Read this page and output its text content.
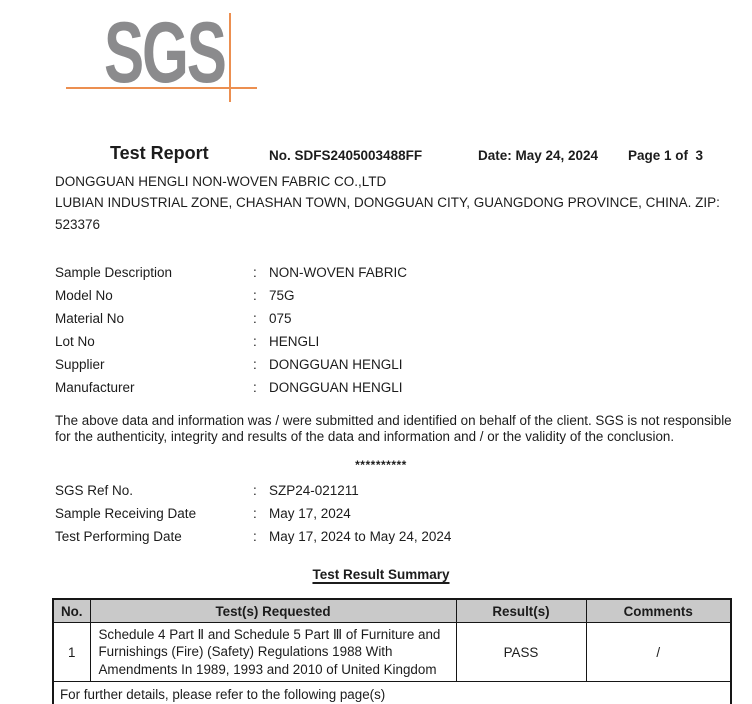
SGS
Test Report	No. SDFS2405003488FF	Date: May 24, 2024 Page 1 of  3
DONGGUAN HENGLI NON-WOVEN FABRIC CO.,LTD
LUBIAN INDUSTRIAL ZONE, CHASHAN TOWN, DONGGUAN CITY, GUANGDONG PROVINCE, CHINA. ZIP:
523376
Sample Description	: NON-WOVEN FABRIC
Model No	: 75G
Material No	: 075
Lot No	: HENGLI
Supplier	: DONGGUAN HENGLI
Manufacturer	: DONGGUAN HENGLI
The above data and information was / were submitted and identified on behalf of the client. SGS is not responsible for the authenticity, integrity and results of the data and information and / or the validity of the conclusion.
**********
SGS Ref No.	: SZP24-021211
Sample Receiving Date	: May 17, 2024
Test Performing Date	: May 17, 2024 to May 24, 2024
Test Result Summary
No.	Test(s) Requested	Result(s)	Comments
1	Schedule 4 Part Ⅱ and Schedule 5 Part Ⅲ of Furniture and Furnishings (Fire) (Safety) Regulations 1988 With Amendments In 1989, 1993 and 2010 of United Kingdom	PASS	/
For further details, please refer to the following page(s)			
